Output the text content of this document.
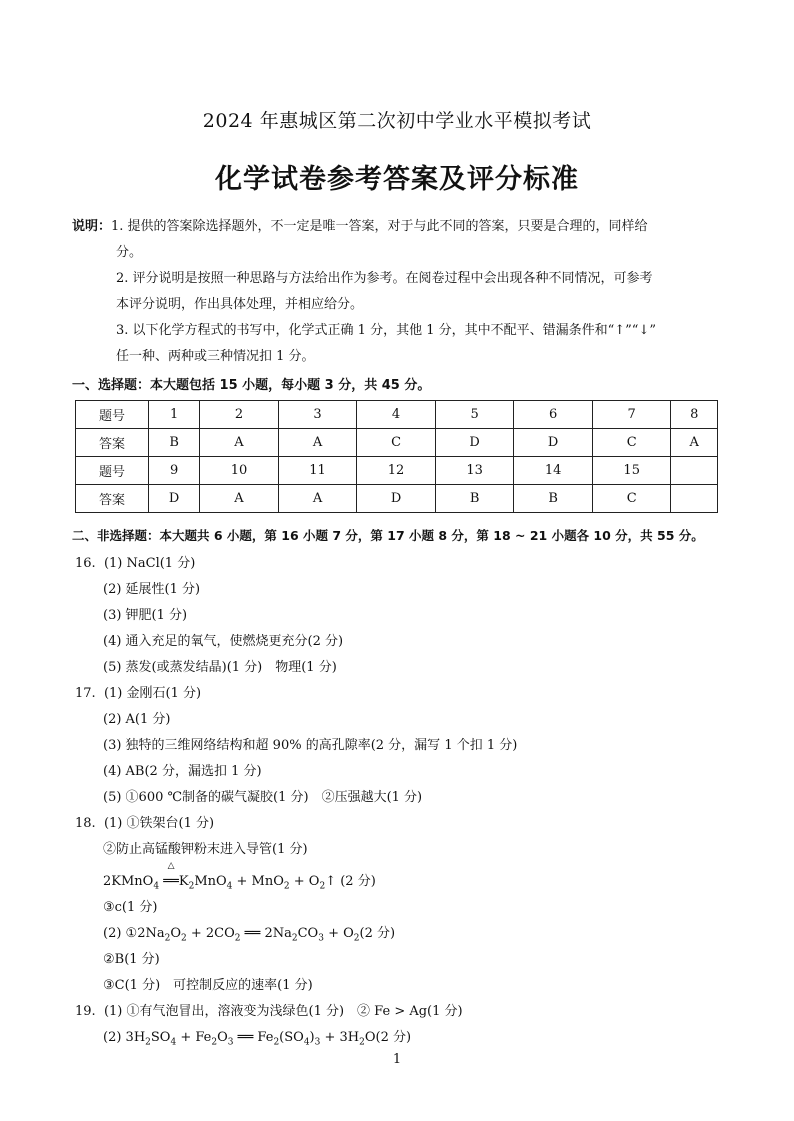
2024 年惠城区第二次初中学业水平模拟考试
化学试卷参考答案及评分标准
说明：1. 提供的答案除选择题外，不一定是唯一答案，对于与此不同的答案，只要是合理的，同样给
分。
2. 评分说明是按照一种思路与方法给出作为参考。在阅卷过程中会出现各种不同情况，可参考
本评分说明，作出具体处理，并相应给分。
3. 以下化学方程式的书写中，化学式正确 1 分，其他 1 分，其中不配平、错漏条件和“↑”“↓”
任一种、两种或三种情况扣 1 分。
一、选择题：本大题包括 15 小题，每小题 3 分，共 45 分。
题号	1	2	3	4	5	6	7	8
答案	B	A	A	C	D	D	C	A
题号	9	10	11	12	13	14	15	
答案	D	A	A	D	B	B	C	
二、非选择题：本大题共 6 小题，第 16 小题 7 分，第 17 小题 8 分，第 18 ~ 21 小题各 10 分，共 55 分。
16. (1) NaCl(1 分)
(2) 延展性(1 分)
(3) 钾肥(1 分)
(4) 通入充足的氧气，使燃烧更充分(2 分)
(5) 蒸发(或蒸发结晶)(1 分)　物理(1 分)
17. (1) 金刚石(1 分)
(2) A(1 分)
(3) 独特的三维网络结构和超 90% 的高孔隙率(2 分，漏写 1 个扣 1 分)
(4) AB(2 分，漏选扣 1 分)
(5) ①600 ℃制备的碳气凝胶(1 分)　②压强越大(1 分)
18. (1) ①铁架台(1 分)
②防止高锰酸钾粉末进入导管(1 分)
2KMnO$_4$
△
$══K_2MnO_4 + MnO_2$ + $O_2↑$ (2 分)
③c(1 分)
(2) $①2Na_2O_2 + 2CO_2$ ══ $2Na_2CO_3 + O_2(2$ 分)
②B(1 分)
③C(1 分)　可控制反应的速率(1 分)
19. (1) ①有气泡冒出，溶液变为浅绿色(1 分)　② Fe > Ag(1 分)
(2) $3H_2SO_4 + Fe_2O_3$ ══ $Fe_2(SO_4)_3 + 3H_2O(2$ 分)
1
